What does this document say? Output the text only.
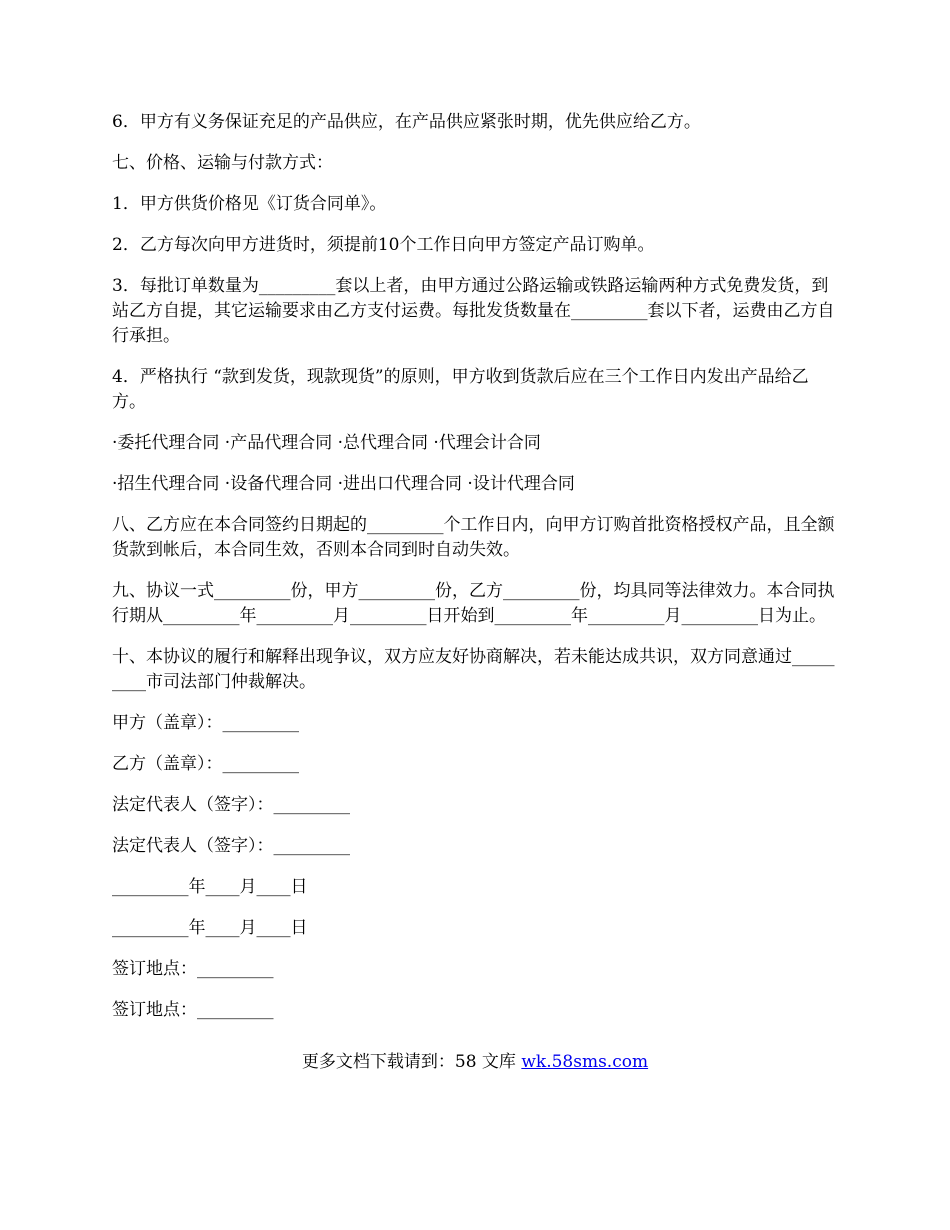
6．甲方有义务保证充足的产品供应，在产品供应紧张时期，优先供应给乙方。

七、价格、运输与付款方式：

1．甲方供货价格见《订货合同单》。

2．乙方每次向甲方进货时，须提前10个工作日向甲方签定产品订购单。

3．每批订单数量为_________套以上者，由甲方通过公路运输或铁路运输两种方式免费发货，到站乙方自提，其它运输要求由乙方支付运费。每批发货数量在_________套以下者，运费由乙方自行承担。

4．严格执行 “款到发货，现款现货”的原则，甲方收到货款后应在三个工作日内发出产品给乙方。

·委托代理合同 ·产品代理合同 ·总代理合同 ·代理会计合同

·招生代理合同 ·设备代理合同 ·进出口代理合同 ·设计代理合同

八、乙方应在本合同签约日期起的_________个工作日内，向甲方订购首批资格授权产品，且全额货款到帐后，本合同生效，否则本合同到时自动失效。

九、协议一式_________份，甲方_________份，乙方_________份，均具同等法律效力。本合同执行期从_________年_________月_________日开始到_________年_________月_________日为止。

十、本协议的履行和解释出现争议，双方应友好协商解决，若未能达成共识，双方同意通过_________市司法部门仲裁解决。

甲方（盖章）：_________

乙方（盖章）：_________

法定代表人（签字）：_________

法定代表人（签字）：_________

_________年____月____日

_________年____月____日

签订地点：_________

签订地点：_________

更多文档下载请到：58 文库 wk.58sms.com
